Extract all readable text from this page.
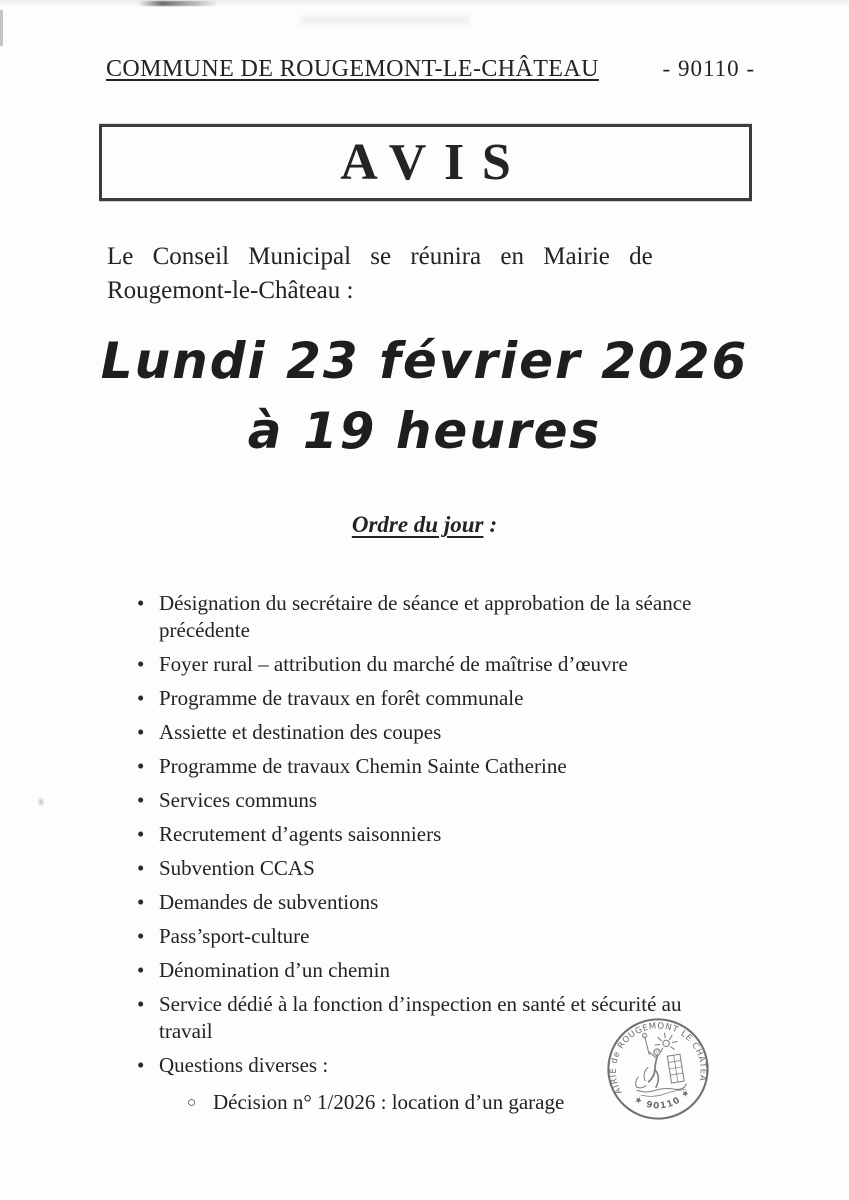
COMMUNE DE ROUGEMONT-LE-CHÂTEAU	- 90110 -
AVIS
Le Conseil Municipal se réunira en Mairie de
Rougemont-le-Château :
Lundi 23 février 2026
à 19 heures
Ordre du jour :
• Désignation du secrétaire de séance et approbation de la séance précédente
• Foyer rural – attribution du marché de maîtrise d’œuvre
• Programme de travaux en forêt communale
• Assiette et destination des coupes
• Programme de travaux Chemin Sainte Catherine
• Services communs
• Recrutement d’agents saisonniers
• Subvention CCAS
• Demandes de subventions
• Pass’sport-culture
• Dénomination d’un chemin
• Service dédié à la fonction d’inspection en santé et sécurité au travail
• Questions diverses :
○ Décision n° 1/2026 : location d’un garage
MAIRIE de ROUGEMONT LE CHATEAU
★ 90110 ★
